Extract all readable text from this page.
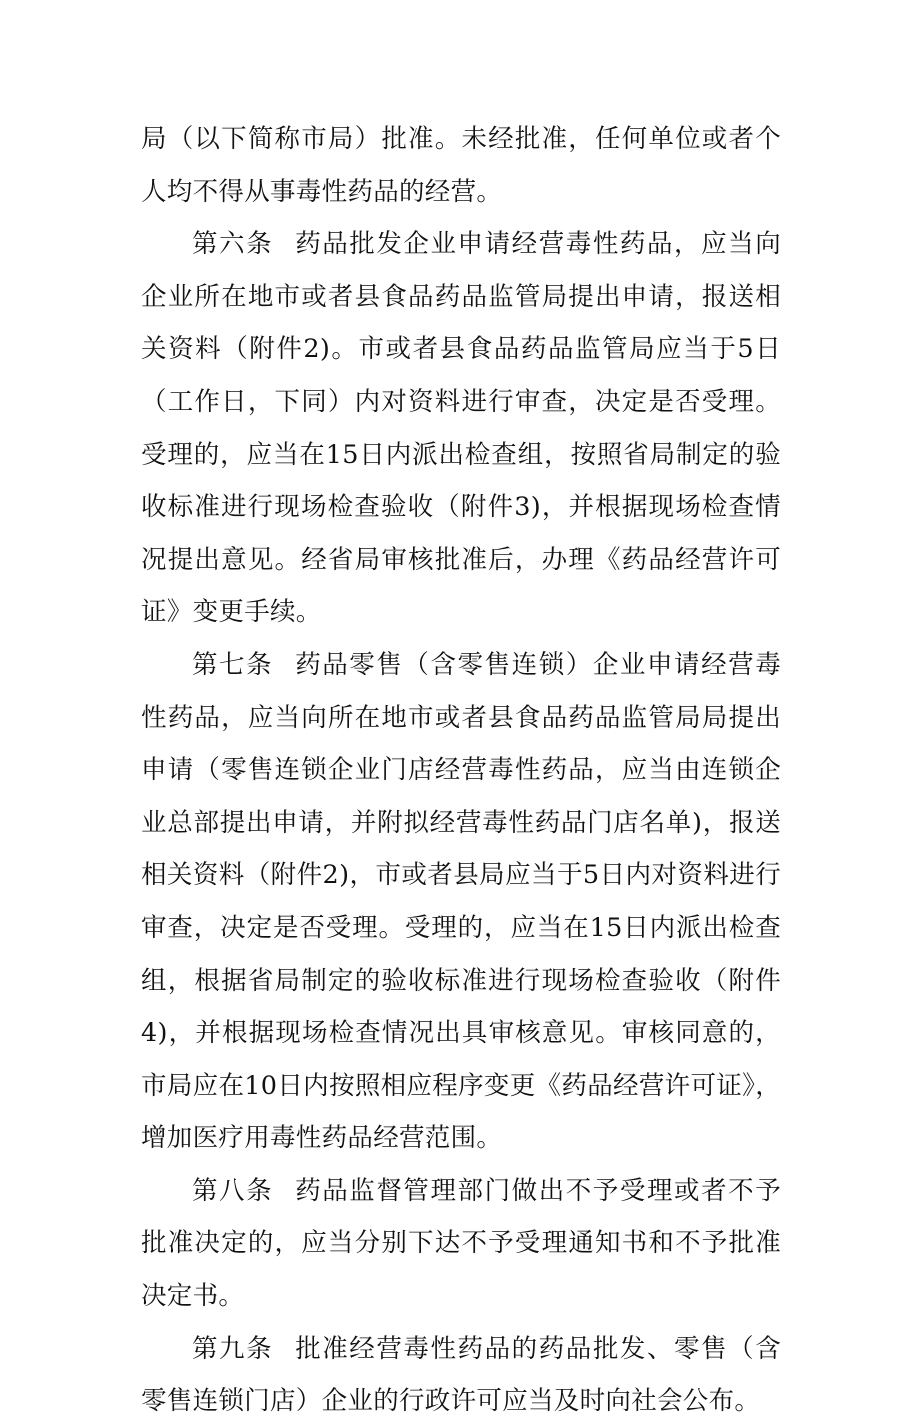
局（以下简称市局）批准。未经批准，任何单位或者个人均不得从事毒性药品的经营。

第六条 药品批发企业申请经营毒性药品，应当向企业所在地市或者县食品药品监管局提出申请，报送相关资料（附件2)。市或者县食品药品监管局应当于5日（工作日，下同）内对资料进行审查，决定是否受理。受理的，应当在15日内派出检查组，按照省局制定的验收标准进行现场检查验收（附件3)，并根据现场检查情况提出意见。经省局审核批准后，办理《药品经营许可证》变更手续。

第七条 药品零售（含零售连锁）企业申请经营毒性药品，应当向所在地市或者县食品药品监管局局提出申请（零售连锁企业门店经营毒性药品，应当由连锁企业总部提出申请，并附拟经营毒性药品门店名单)，报送相关资料（附件2)，市或者县局应当于5日内对资料进行审查，决定是否受理。受理的，应当在15日内派出检查组，根据省局制定的验收标准进行现场检查验收（附件4)，并根据现场检查情况出具审核意见。审核同意的，市局应在10日内按照相应程序变更《药品经营许可证》，增加医疗用毒性药品经营范围。

第八条 药品监督管理部门做出不予受理或者不予批准决定的，应当分别下达不予受理通知书和不予批准决定书。

第九条 批准经营毒性药品的药品批发、零售（含零售连锁门店）企业的行政许可应当及时向社会公布。
